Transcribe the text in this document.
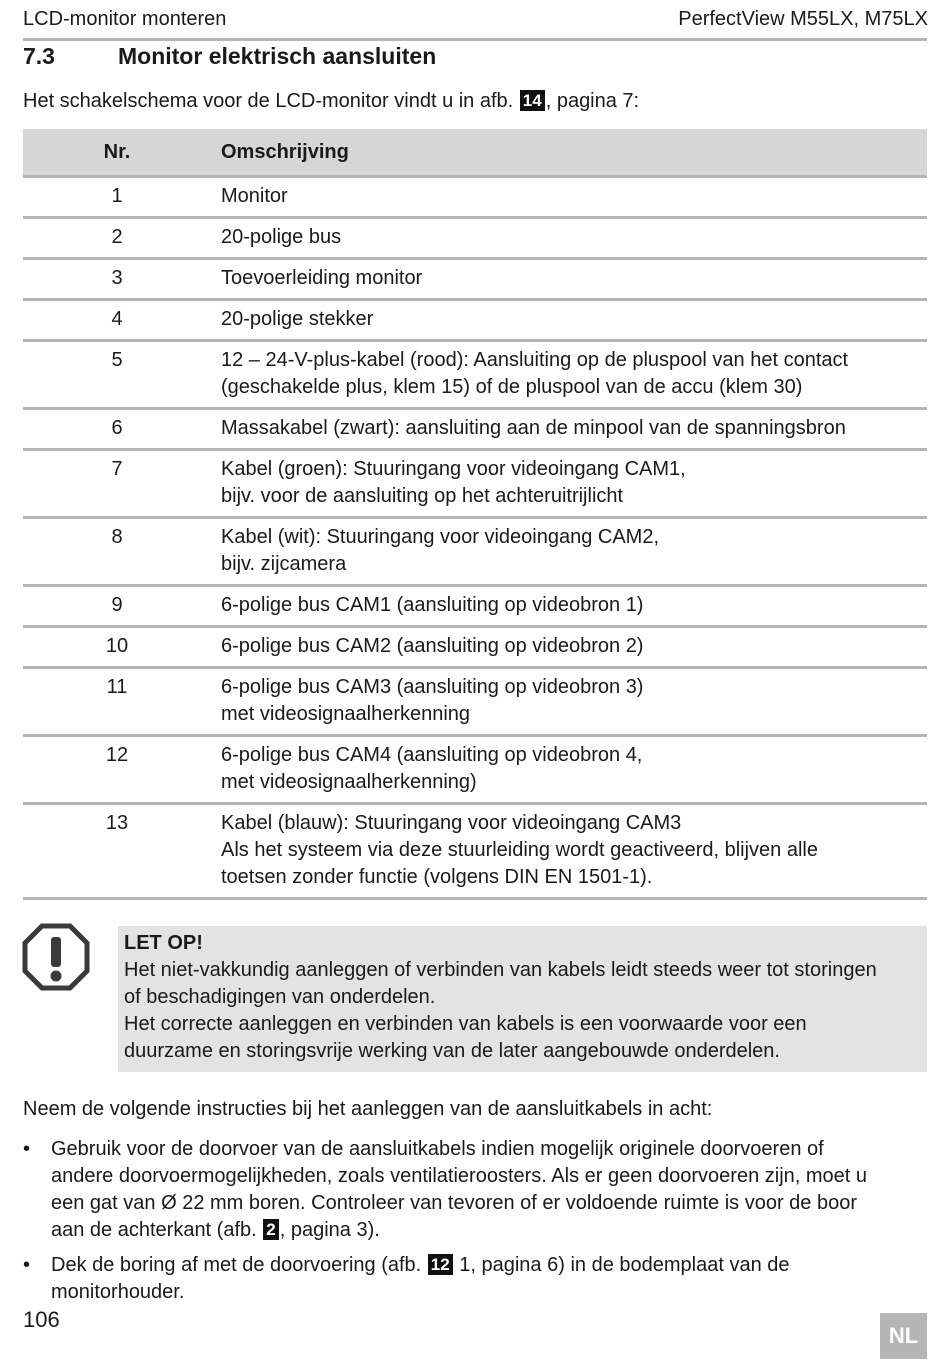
LCD-monitor monteren	PerfectView M55LX, M75LX
7.3	Monitor elektrisch aansluiten
Het schakelschema voor de LCD-monitor vindt u in afb. 14 , pagina 7:
Nr.	Omschrijving
1	Monitor

2	20-polige bus

3	Toevoerleiding monitor

4	20-polige stekker

5	12 – 24-V-plus-kabel (rood): Aansluiting op de pluspool van het contact
(geschakelde plus, klem 15) of de pluspool van de accu (klem 30)

6	Massakabel (zwart): aansluiting aan de minpool van de spanningsbron

7	Kabel (groen): Stuuringang voor videoingang CAM1,
bijv. voor de aansluiting op het achteruitrijlicht

8	Kabel (wit): Stuuringang voor videoingang CAM2,
bijv. zijcamera

9	6-polige bus CAM1 (aansluiting op videobron 1)

10	6-polige bus CAM2 (aansluiting op videobron 2)

11	6-polige bus CAM3 (aansluiting op videobron 3)
met videosignaalherkenning

12	6-polige bus CAM4 (aansluiting op videobron 4,
met videosignaalherkenning)

13	Kabel (blauw): Stuuringang voor videoingang CAM3
Als het systeem via deze stuurleiding wordt geactiveerd, blijven alle
toetsen zonder functie (volgens DIN EN 1501-1).
LET OP!
Het niet-vakkundig aanleggen of verbinden van kabels leidt steeds weer tot storingen
of beschadigingen van onderdelen.
Het correcte aanleggen en verbinden van kabels is een voorwaarde voor een
duurzame en storingsvrije werking van de later aangebouwde onderdelen.
Neem de volgende instructies bij het aanleggen van de aansluitkabels in acht:
• Gebruik voor de doorvoer van de aansluitkabels indien mogelijk originele doorvoeren of
andere doorvoermogelijkheden, zoals ventilatieroosters. Als er geen doorvoeren zijn, moet u
een gat van Ø 22 mm boren. Controleer van tevoren of er voldoende ruimte is voor de boor
aan de achterkant (afb. 2 , pagina 3).
• Dek de boring af met de doorvoering (afb. 12 1, pagina 6) in de bodemplaat van de
monitorhouder.
106
NL
